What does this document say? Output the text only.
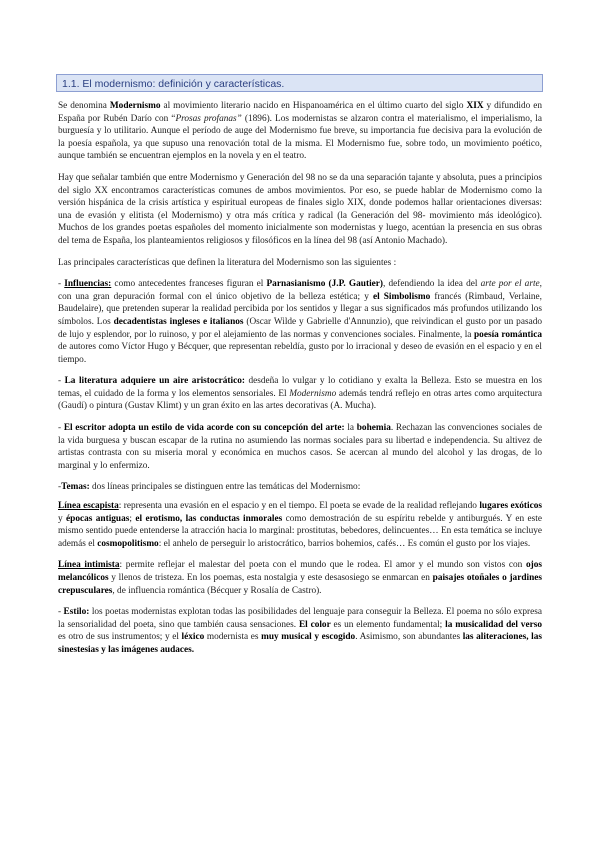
1.1. El modernismo: definición y características.

Se denomina Modernismo al movimiento literario nacido en Hispanoamérica en el último cuarto del siglo XIX y difundido en España por Rubén Darío con “Prosas profanas” (1896). Los modernistas se alzaron contra el materialismo, el imperialismo, la burguesía y lo utilitario. Aunque el período de auge del Modernismo fue breve, su importancia fue decisiva para la evolución de la poesía española, ya que supuso una renovación total de la misma. El Modernismo fue, sobre todo, un movimiento poético, aunque también se encuentran ejemplos en la novela y en el teatro.

Hay que señalar también que entre Modernismo y Generación del 98 no se da una separación tajante y absoluta, pues a principios del siglo XX encontramos características comunes de ambos movimientos. Por eso, se puede hablar de Modernismo como la versión hispánica de la crisis artística y espiritual europeas de finales siglo XIX, donde podemos hallar orientaciones diversas: una de evasión y elitista (el Modernismo) y otra más crítica y radical (la Generación del 98- movimiento más ideológico). Muchos de los grandes poetas españoles del momento inicialmente son modernistas y luego, acentúan la presencia en sus obras del tema de España, los planteamientos religiosos y filosóficos en la línea del 98 (así Antonio Machado).

Las principales características que definen la literatura del Modernismo son las siguientes :

- Influencias: como antecedentes franceses figuran el Parnasianismo (J.P. Gautier), defendiendo la idea del arte por el arte, con una gran depuración formal con el único objetivo de la belleza estética; y el Simbolismo francés (Rimbaud, Verlaine, Baudelaire), que pretenden superar la realidad percibida por los sentidos y llegar a sus significados más profundos utilizando los símbolos. Los decadentistas ingleses e italianos (Oscar Wilde y Gabrielle d'Annunzio), que reivindican el gusto por un pasado de lujo y esplendor, por lo ruinoso, y por el alejamiento de las normas y convenciones sociales. Finalmente, la poesía romántica de autores como Víctor Hugo y Bécquer, que representan rebeldía, gusto por lo irracional y deseo de evasión en el espacio y en el tiempo.

- La literatura adquiere un aire aristocrático: desdeña lo vulgar y lo cotidiano y exalta la Belleza. Esto se muestra en los temas, el cuidado de la forma y los elementos sensoriales. El Modernismo además tendrá reflejo en otras artes como arquitectura (Gaudí) o pintura (Gustav Klimt) y un gran éxito en las artes decorativas (A. Mucha).

- El escritor adopta un estilo de vida acorde con su concepción del arte: la bohemia. Rechazan las convenciones sociales de la vida burguesa y buscan escapar de la rutina no asumiendo las normas sociales para su libertad e independencia. Su altivez de artistas contrasta con su miseria moral y económica en muchos casos. Se acercan al mundo del alcohol y las drogas, de lo marginal y lo enfermizo.

-Temas: dos líneas principales se distinguen entre las temáticas del Modernismo:

Línea escapista: representa una evasión en el espacio y en el tiempo. El poeta se evade de la realidad reflejando lugares exóticos y épocas antiguas; el erotismo, las conductas inmorales como demostración de su espíritu rebelde y antiburgués. Y en este mismo sentido puede entenderse la atracción hacia lo marginal: prostitutas, bebedores, delincuentes… En esta temática se incluye además el cosmopolitismo: el anhelo de perseguir lo aristocrático, barrios bohemios, cafés… Es común el gusto por los viajes.

Línea intimista: permite reflejar el malestar del poeta con el mundo que le rodea. El amor y el mundo son vistos con ojos melancólicos y llenos de tristeza. En los poemas, esta nostalgia y este desasosiego se enmarcan en paisajes otoñales o jardines crepusculares, de influencia romántica (Bécquer y Rosalía de Castro).

- Estilo: los poetas modernistas explotan todas las posibilidades del lenguaje para conseguir la Belleza. El poema no sólo expresa la sensorialidad del poeta, sino que también causa sensaciones. El color es un elemento fundamental; la musicalidad del verso es otro de sus instrumentos; y el léxico modernista es muy musical y escogido. Asimismo, son abundantes las aliteraciones, las sinestesias y las imágenes audaces.
